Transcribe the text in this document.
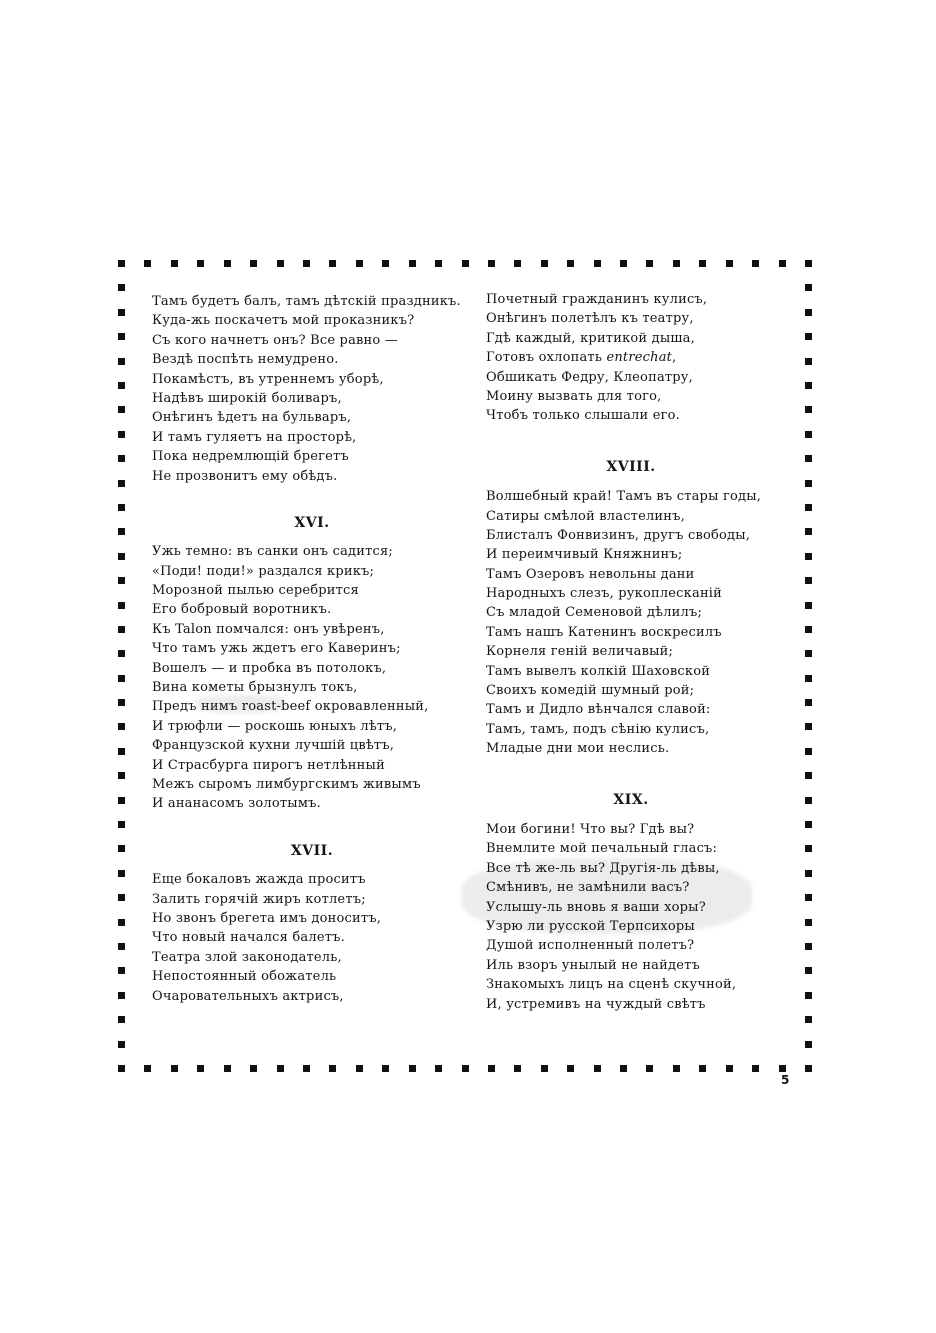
Тамъ будетъ балъ, тамъ дѣтскій праздникъ.
Куда-жь поскачетъ мой проказникъ?
Съ кого начнетъ онъ? Все равно —
Вездѣ поспѣть немудрено.
Покамѣстъ, въ утреннемъ уборѣ,
Надѣвъ широкій боливаръ,
Онѣгинъ ѣдетъ на бульваръ,
И тамъ гуляетъ на просторѣ,
Пока недремлющій брегетъ
Не прозвонитъ ему обѣдъ.
XVI.
Ужь темно: въ санки онъ садится;
«Поди! поди!» раздался крикъ;
Морозной пылью серебрится
Его бобровый воротникъ.
Къ Talon помчался: онъ увѣренъ,
Что тамъ ужь ждетъ его Каверинъ;
Вошелъ — и пробка въ потолокъ,
Вина кометы брызнулъ токъ,
Предъ нимъ roast-beef окровавленный,
И трюфли — роскошь юныхъ лѣтъ,
Французской кухни лучшій цвѣтъ,
И Страсбурга пирогъ нетлѣнный
Межъ сыромъ лимбургскимъ живымъ
И ананасомъ золотымъ.
XVII.
Еще бокаловъ жажда проситъ
Залить горячій жиръ котлетъ;
Но звонъ брегета имъ доноситъ,
Что новый начался балетъ.
Театра злой законодатель,
Непостоянный обожатель
Очаровательныхъ актрисъ,
Почетный гражданинъ кулисъ,
Онѣгинъ полетѣлъ къ театру,
Гдѣ каждый, критикой дыша,
Готовъ охлопать entrechat,
Обшикать Федру, Клеопатру,
Моину вызвать для того,
Чтобъ только слышали его.
XVIII.
Волшебный край! Тамъ въ стары годы,
Сатиры смѣлой властелинъ,
Блисталъ Фонвизинъ, другъ свободы,
И переимчивый Княжнинъ;
Тамъ Озеровъ невольны дани
Народныхъ слезъ, рукоплесканій
Съ младой Семеновой дѣлилъ;
Тамъ нашъ Катенинъ воскресилъ
Корнеля геній величавый;
Тамъ вывелъ колкій Шаховской
Своихъ комедій шумный рой;
Тамъ и Дидло вѣнчался славой:
Тамъ, тамъ, подъ сѣнію кулисъ,
Младые дни мои неслись.
XIX.
Мои богини! Что вы? Гдѣ вы?
Внемлите мой печальный гласъ:
Все тѣ же-ль вы? Другія-ль дѣвы,
Смѣнивъ, не замѣнили васъ?
Услышу-ль вновь я ваши хоры?
Узрю ли русской Терпсихоры
Душой исполненный полетъ?
Иль взоръ унылый не найдетъ
Знакомыхъ лицъ на сценѣ скучной,
И, устремивъ на чуждый свѣтъ
5
